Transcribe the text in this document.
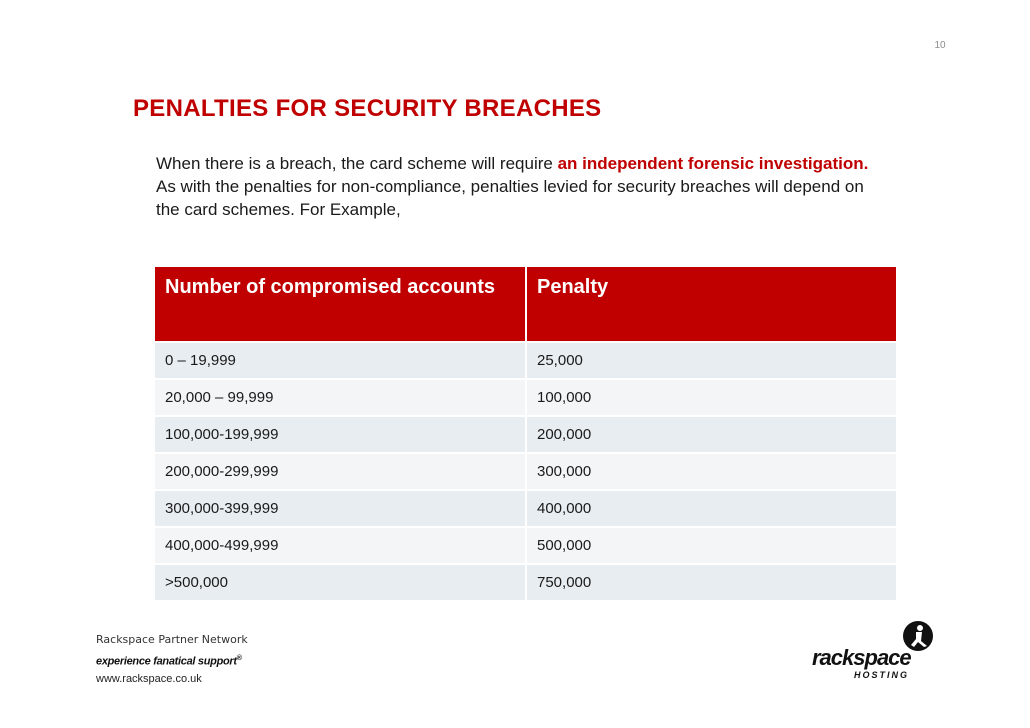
10
PENALTIES FOR SECURITY BREACHES

When there is a breach, the card scheme will require an independent forensic investigation.

As with the penalties for non-compliance, penalties levied for security breaches will depend on the card schemes. For Example,

Number of compromised accounts	Penalty
0 – 19,999	25,000
20,000 – 99,999	100,000
100,000-199,999	200,000
200,000-299,999	300,000
300,000-399,999	400,000
400,000-499,999	500,000
>500,000	750,000
Rackspace Partner Network
experience fanatical support®
www.rackspace.co.uk
rackspace
HOSTING
